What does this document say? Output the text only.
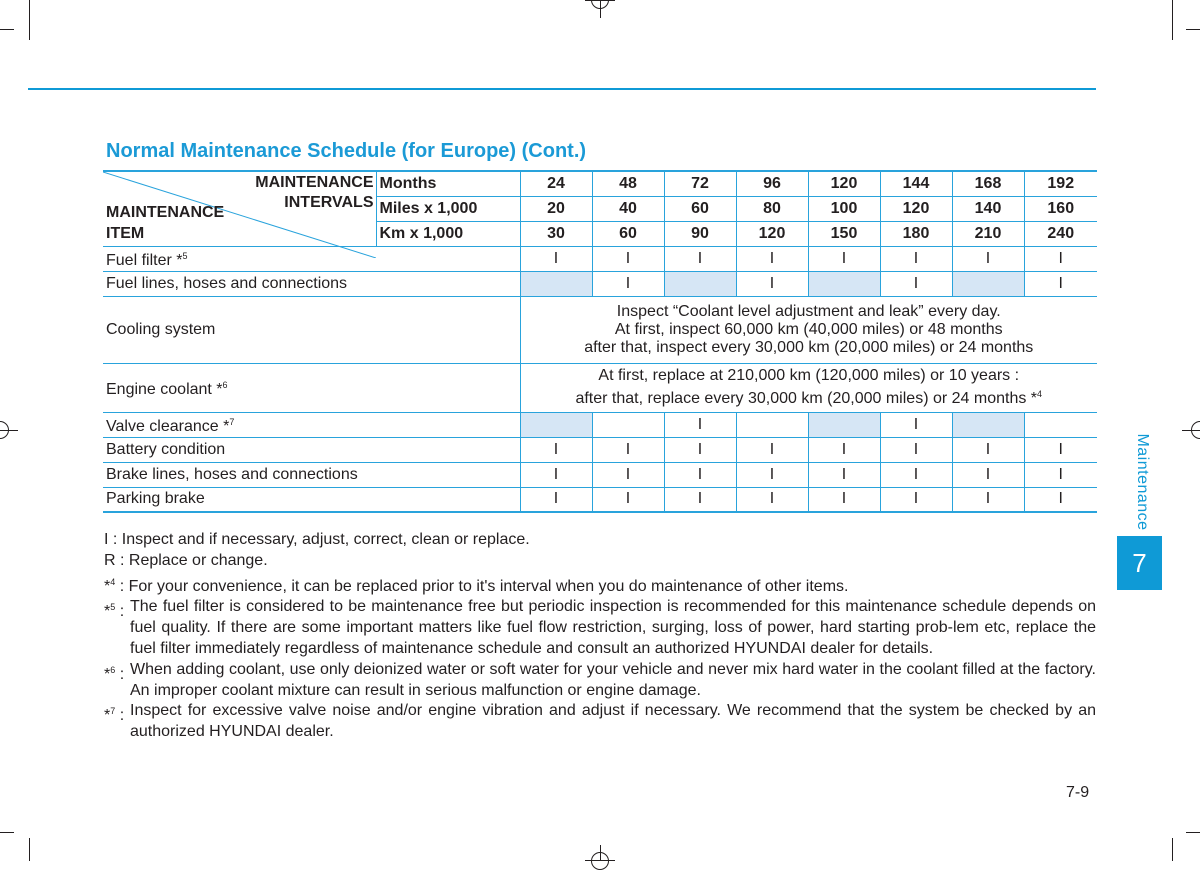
Normal Maintenance Schedule (for Europe) (Cont.)
MAINTENANCE
INTERVALS
MAINTENANCE
ITEM	Months	24	48	72	96	120	144	168	192
	Miles x 1,000	20	40	60	80	100	120	140	160
	Km x 1,000	30	60	90	120	150	180	210	240
Fuel filter *$^5$		I	I	I	I	I	I	I	I
Fuel lines, hoses and connections			I		I		I		I
Cooling system		Inspect “Coolant level adjustment and leak” every day.
At first, inspect 60,000 km (40,000 miles) or 48 months
after that, inspect every 30,000 km (20,000 miles) or 24 months							

Engine coolant *$^6$		At first, replace at 210,000 km (120,000 miles) or 10 years :
after that, replace every 30,000 km (20,000 miles) or 24 months *$^4$

Valve clearance *$^7$				I			I		
Battery condition		I	I	I	I	I	I	I	I
Brake lines, hoses and connections		I	I	I	I	I	I	I	I
Parking brake		I	I	I	I	I	I	I	I
I : Inspect and if necessary, adjust, correct, clean or replace.
R : Replace or change.
*$^4$ : For your convenience, it can be replaced prior to it's interval when you do maintenance of other items.
*$^5$ : The fuel filter is considered to be maintenance free but periodic inspection is recommended for this maintenance schedule depends on fuel quality. If there are some important matters like fuel flow restriction, surging, loss of power, hard starting prob-lem etc, replace the fuel filter immediately regardless of maintenance schedule and consult an authorized HYUNDAI dealer for details.
*$^6$ : When adding coolant, use only deionized water or soft water for your vehicle and never mix hard water in the coolant filled at the factory. An improper coolant mixture can result in serious malfunction or engine damage.
*$^7$ : Inspect for excessive valve noise and/or engine vibration and adjust if necessary. We recommend that the system be checked by an authorized HYUNDAI dealer.
Maintenance
7
7-9
